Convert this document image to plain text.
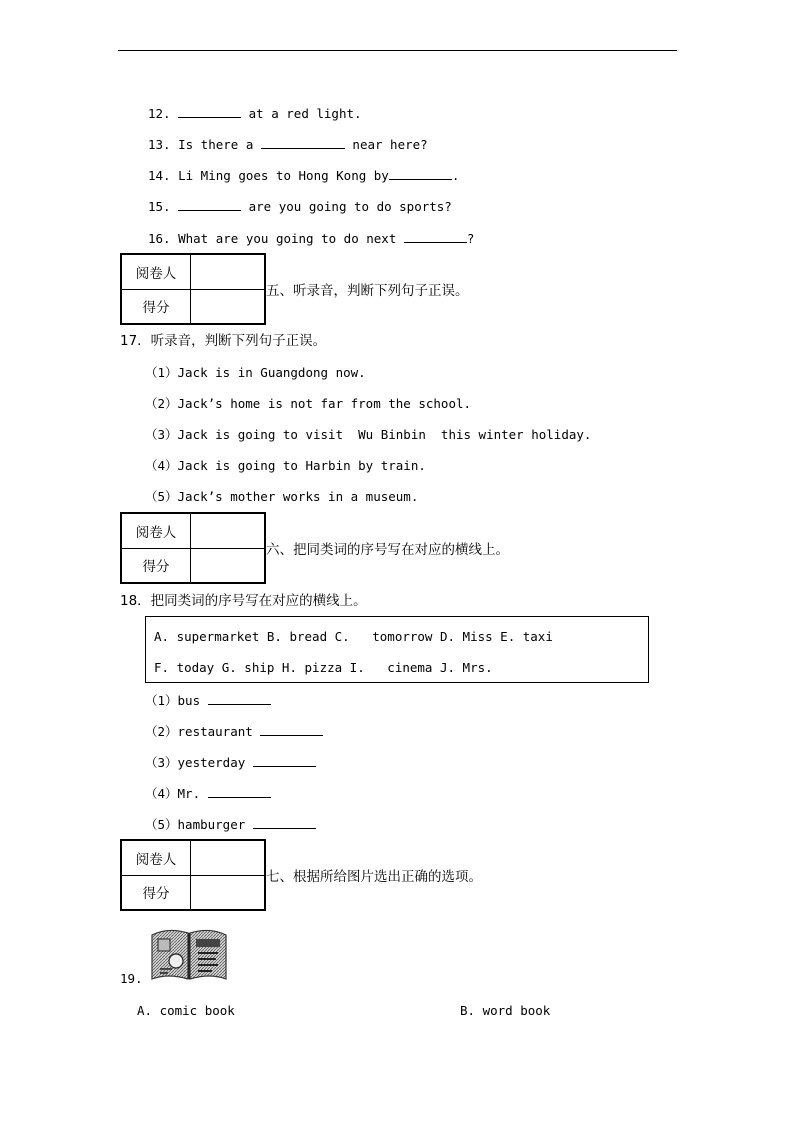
12.	at a red light.
13. Is there a	near here?
14. Li Ming goes to Hong Kong by	.
15.	are you going to do sports?
16. What are you going to do next	?
阅卷人	
得分	
五、听录音，判断下列句子正误。
17．听录音，判断下列句子正误。
（1）Jack is in Guangdong now.
（2）Jack’s home is not far from the school.
（3）Jack is going to visit  Wu Binbin  this winter holiday.
（4）Jack is going to Harbin by train.
（5）Jack’s mother works in a museum.
阅卷人	
得分	
六、把同类词的序号写在对应的横线上。
18．把同类词的序号写在对应的横线上。
A. supermarket B. bread C.   tomorrow D. Miss E. taxi
F. today G. ship H. pizza I.   cinema J. Mrs.
（1）bus
（2）restaurant
（3）yesterday
（4）Mr.
（5）hamburger
阅卷人	
得分	
七、根据所给图片选出正确的选项。
19.
A. comic book	B. word book
